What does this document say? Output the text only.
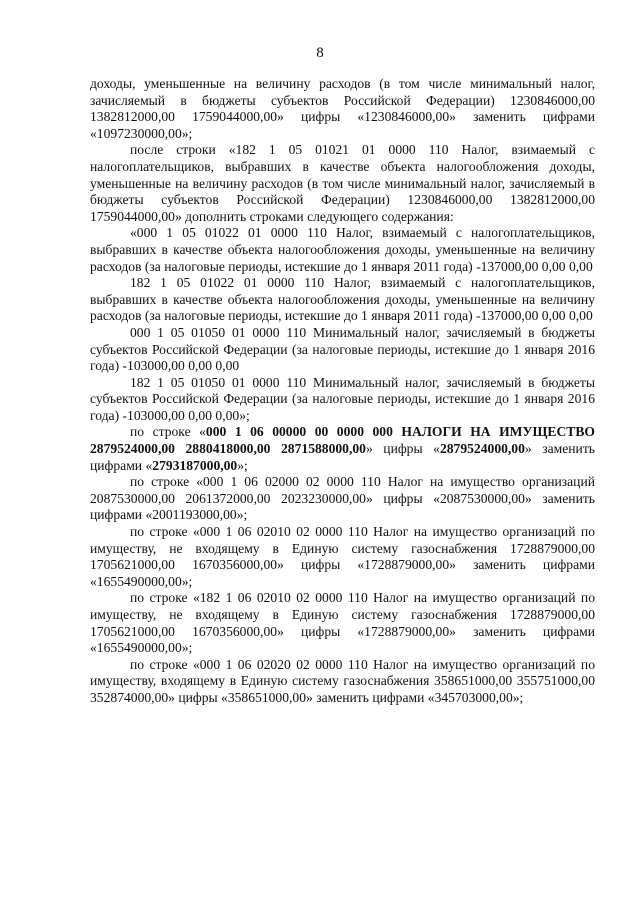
8

доходы, уменьшенные на величину расходов (в том числе минимальный налог, зачисляемый в бюджеты субъектов Российской Федерации) 1230846000,00 1382812000,00 1759044000,00» цифры «1230846000,00» заменить цифрами «1097230000,00»;

после строки «182 1 05 01021 01 0000 110 Налог, взимаемый с налогоплательщиков, выбравших в качестве объекта налогообложения доходы, уменьшенные на величину расходов (в том числе минимальный налог, зачисляемый в бюджеты субъектов Российской Федерации) 1230846000,00 1382812000,00 1759044000,00» дополнить строками следующего содержания:

«000 1 05 01022 01 0000 110 Налог, взимаемый с налогоплательщиков, выбравших в качестве объекта налогообложения доходы, уменьшенные на величину расходов (за налоговые периоды, истекшие до 1 января 2011 года) -137000,00 0,00 0,00

182 1 05 01022 01 0000 110 Налог, взимаемый с налогоплательщиков, выбравших в качестве объекта налогообложения доходы, уменьшенные на величину расходов (за налоговые периоды, истекшие до 1 января 2011 года) -137000,00 0,00 0,00

000 1 05 01050 01 0000 110 Минимальный налог, зачисляемый в бюджеты субъектов Российской Федерации (за налоговые периоды, истекшие до 1 января 2016 года) -103000,00 0,00 0,00

182 1 05 01050 01 0000 110 Минимальный налог, зачисляемый в бюджеты субъектов Российской Федерации (за налоговые периоды, истекшие до 1 января 2016 года) -103000,00 0,00 0,00»;

по строке «000 1 06 00000 00 0000 000 НАЛОГИ НА ИМУЩЕСТВО 2879524000,00 2880418000,00 2871588000,00» цифры «2879524000,00» заменить цифрами «2793187000,00»;

по строке «000 1 06 02000 02 0000 110 Налог на имущество организаций 2087530000,00 2061372000,00 2023230000,00» цифры «2087530000,00» заменить цифрами «2001193000,00»;

по строке «000 1 06 02010 02 0000 110 Налог на имущество организаций по имуществу, не входящему в Единую систему газоснабжения 1728879000,00 1705621000,00 1670356000,00» цифры «1728879000,00» заменить цифрами «1655490000,00»;

по строке «182 1 06 02010 02 0000 110 Налог на имущество организаций по имуществу, не входящему в Единую систему газоснабжения 1728879000,00 1705621000,00 1670356000,00» цифры «1728879000,00» заменить цифрами «1655490000,00»;

по строке «000 1 06 02020 02 0000 110 Налог на имущество организаций по имуществу, входящему в Единую систему газоснабжения 358651000,00 355751000,00 352874000,00» цифры «358651000,00» заменить цифрами «345703000,00»;
